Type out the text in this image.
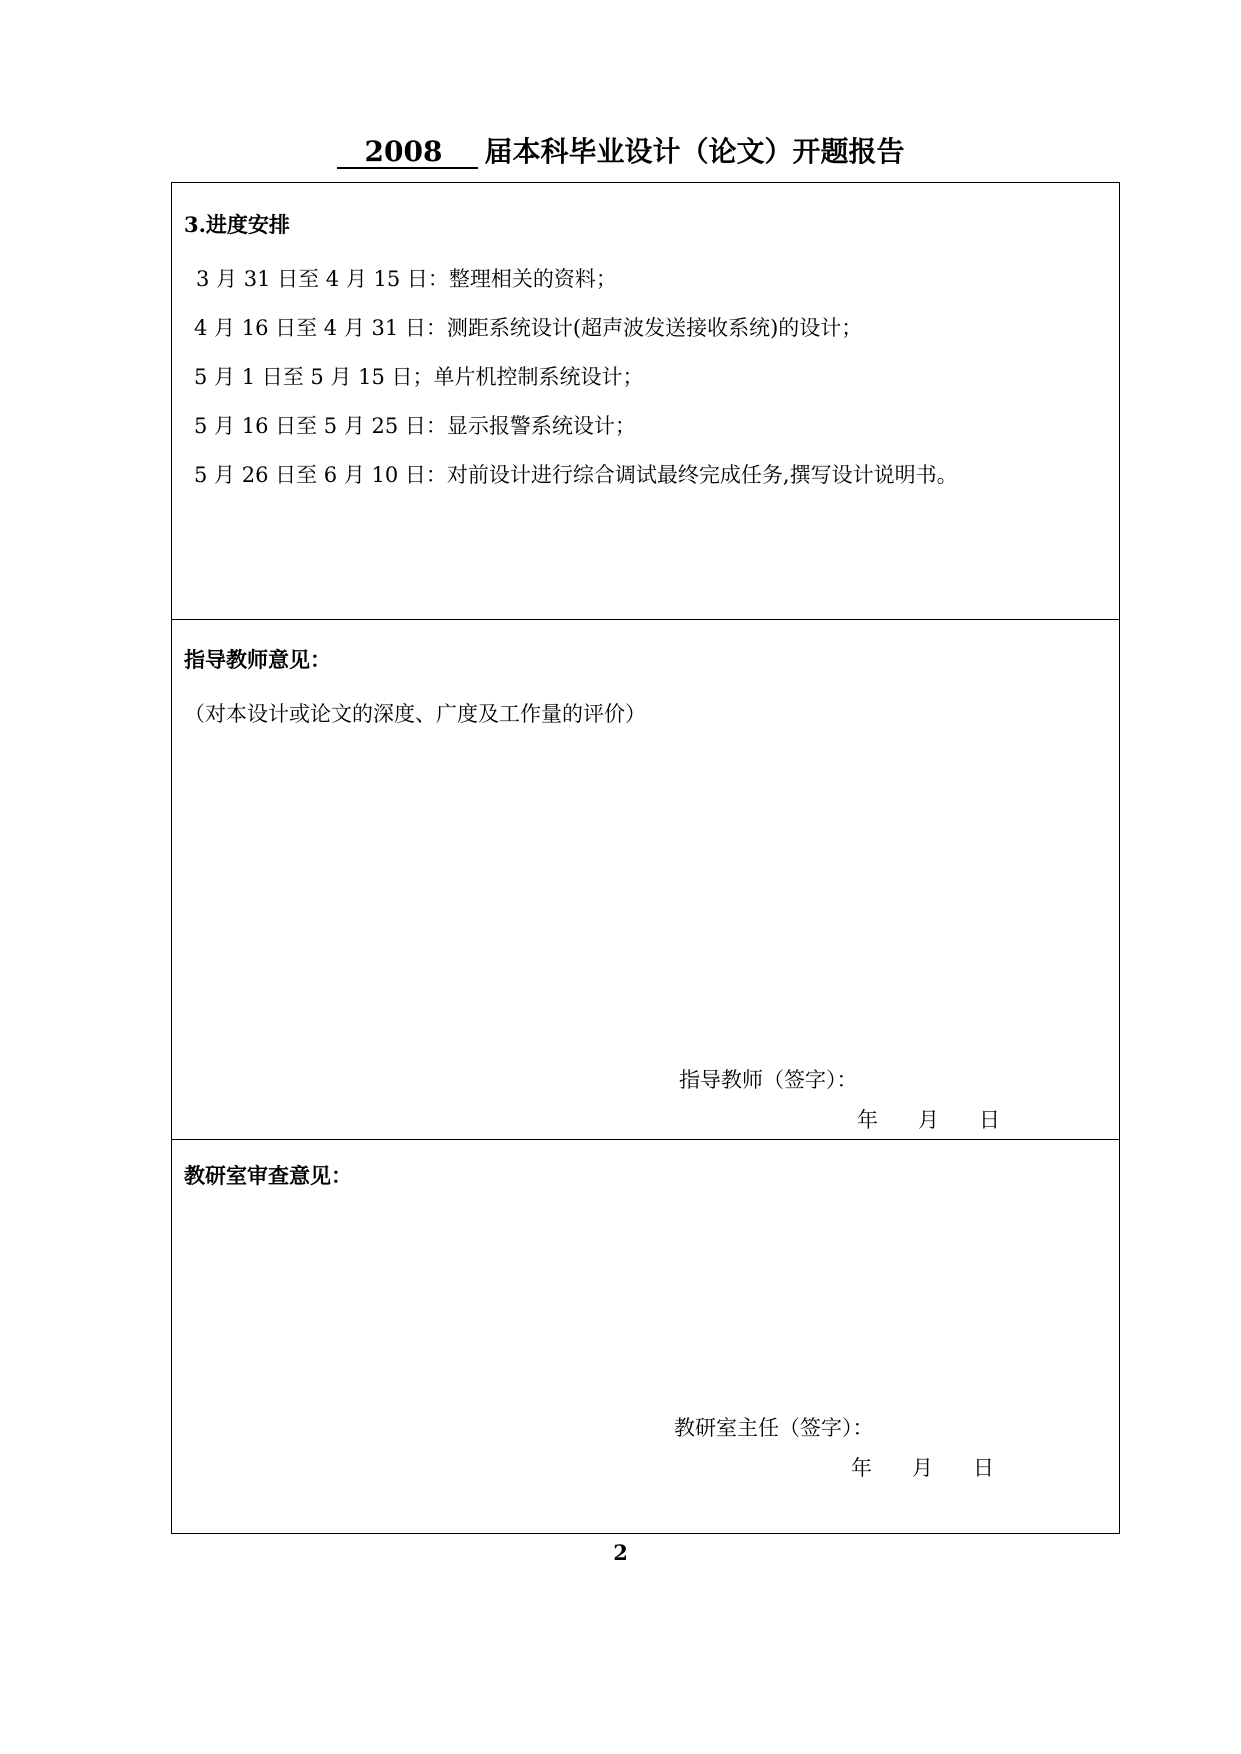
2008 届本科毕业设计（论文）开题报告
3.进度安排
3 月 31 日至 4 月 15 日：整理相关的资料；
4 月 16 日至 4 月 31 日：测距系统设计(超声波发送接收系统)的设计；
5 月 1 日至 5 月 15 日；单片机控制系统设计；
5 月 16 日至 5 月 25 日：显示报警系统设计；
5 月 26 日至 6 月 10 日：对前设计进行综合调试最终完成任务,撰写设计说明书。
指导教师意见：
（对本设计或论文的深度、广度及工作量的评价）
指导教师（签字）：
年 月 日
教研室审查意见：
教研室主任（签字）：
年 月 日
2
